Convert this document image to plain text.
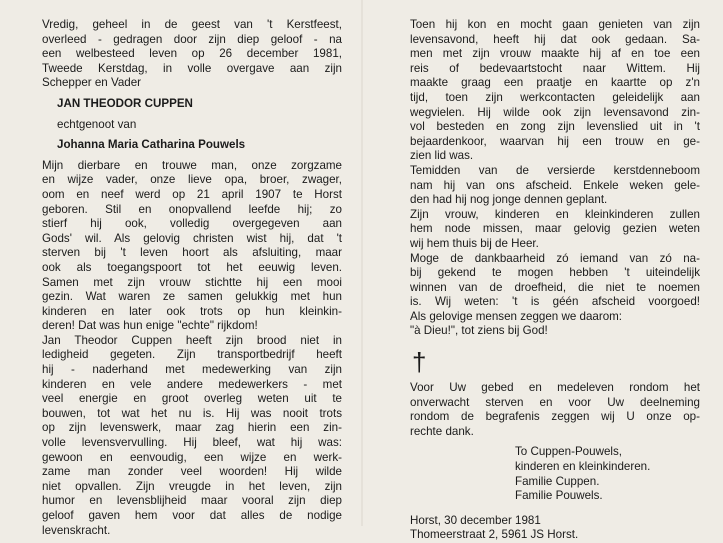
Vredig, geheel in de geest van 't Kerstfeest,
overleed - gedragen door zijn diep geloof - na
een welbesteed leven op 26 december 1981,
Tweede Kerstdag, in volle overgave aan zijn
Schepper en Vader

JAN THEODOR CUPPEN

echtgenoot van

Johanna Maria Catharina Pouwels

Mijn dierbare en trouwe man, onze zorgzame
en wijze vader, onze lieve opa, broer, zwager,
oom en neef werd op 21 april 1907 te Horst
geboren. Stil en onopvallend leefde hij; zo
stierf hij ook, volledig overgegeven aan
Gods' wil. Als gelovig christen wist hij, dat 't
sterven bij 't leven hoort als afsluiting, maar
ook als toegangspoort tot het eeuwig leven.
Samen met zijn vrouw stichtte hij een mooi
gezin. Wat waren ze samen gelukkig met hun
kinderen en later ook trots op hun kleinkin-
deren! Dat was hun enige "echte" rijkdom!
Jan Theodor Cuppen heeft zijn brood niet in
ledigheid gegeten. Zijn transportbedrijf heeft
hij - naderhand met medewerking van zijn
kinderen en vele andere medewerkers - met
veel energie en groot overleg weten uit te
bouwen, tot wat het nu is. Hij was nooit trots
op zijn levenswerk, maar zag hierin een zin-
volle levensvervulling. Hij bleef, wat hij was:
gewoon en eenvoudig, een wijze en werk-
zame man zonder veel woorden! Hij wilde
niet opvallen. Zijn vreugde in het leven, zijn
humor en levensblijheid maar vooral zijn diep
geloof gaven hem voor dat alles de nodige
levenskracht.

Toen hij kon en mocht gaan genieten van zijn
levensavond, heeft hij dat ook gedaan. Sa-
men met zijn vrouw maakte hij af en toe een
reis of bedevaartstocht naar Wittem. Hij
maakte graag een praatje en kaartte op z'n
tijd, toen zijn werkcontacten geleidelijk aan
wegvielen. Hij wilde ook zijn levensavond zin-
vol besteden en zong zijn levenslied uit in 't
bejaardenkoor, waarvan hij een trouw en ge-
zien lid was.
Temidden van de versierde kerstdenneboom
nam hij van ons afscheid. Enkele weken gele-
den had hij nog jonge dennen geplant.
Zijn vrouw, kinderen en kleinkinderen zullen
hem node missen, maar gelovig gezien weten
wij hem thuis bij de Heer.
Moge de dankbaarheid zó iemand van zó na-
bij gekend te mogen hebben 't uiteindelijk
winnen van de droefheid, die niet te noemen
is. Wij weten: 't is géén afscheid voorgoed!
Als gelovige mensen zeggen we daarom:
"à Dieu!", tot ziens bij God!

†

Voor Uw gebed en medeleven rondom het
onverwacht sterven en voor Uw deelneming
rondom de begrafenis zeggen wij U onze op-
rechte dank.

To Cuppen-Pouwels,
kinderen en kleinkinderen.
Familie Cuppen.
Familie Pouwels.

Horst, 30 december 1981
Thomeerstraat 2, 5961 JS Horst.
